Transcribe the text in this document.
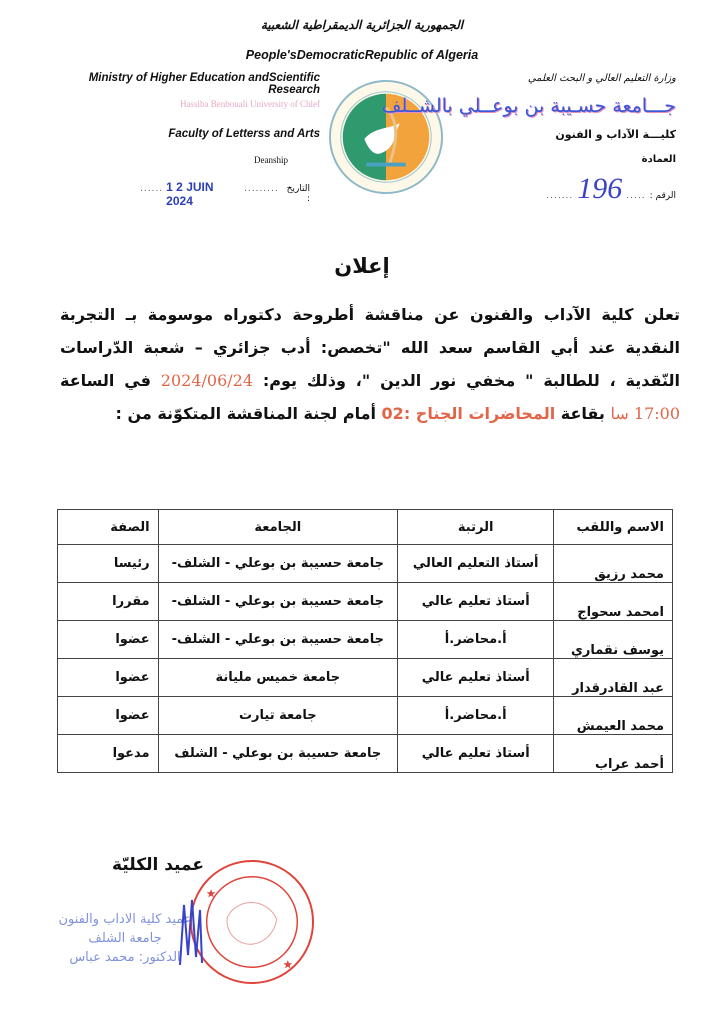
الجمهورية الجزائرية الديمقراطية الشعبية
People'sDemocraticRepublic of Algeria
Ministry of Higher Education andScientific Research
Hassiba Benbouali University of Chlef
Faculty of Letterss and Arts
Deanship
التاريخ :
.........
1 2 JUIN 2024
......
وزارة التعليم العالي و البحث العلمي
جـــامعة حسـيبة بن بوعــلي بالشــلف
كليـــة الآداب و الفنون
العمادة
الرقم :
.....
196
.......
إعلان
تعلن كلية الآداب والفنون عن مناقشة أطروحة دكتوراه موسومة بـ التجربة النقدية عند أبي القاسم سعد الله "تخصص: أدب جزائري – شعبة الدّراسات النّقدية ، للطالبة " مخفي نور الدين "، وذلك يوم: 2024/06/24 في الساعة 17:00 سا بقاعة المحاضرات الجناح :02 أمام لجنة المناقشة المتكوّنة من :
الاسم واللقب	الرتبة	الجامعة	الصفة
محمد رزيق	أستاذ التعليم العالي	جامعة حسيبة بن بوعلي - الشلف-	رئيسا
امحمد سحواج	أستاذ تعليم عالي	جامعة حسيبة بن بوعلي - الشلف-	مقررا
يوسف نقماري	أ.محاضر.أ	جامعة حسيبة بن بوعلي - الشلف-	عضوا
عبد القادرقدار	أستاذ تعليم عالي	جامعة خميس مليانة	عضوا
محمد العيمش	أ.محاضر.أ	جامعة تيارت	عضوا
أحمد عراب	أستاذ تعليم عالي	جامعة حسيبة بن بوعلي - الشلف	مدعوا
عميد الكليّة
★
★
عميد كلية الاداب والفنون
جامعة الشلف
الدكتور: محمد عباس
